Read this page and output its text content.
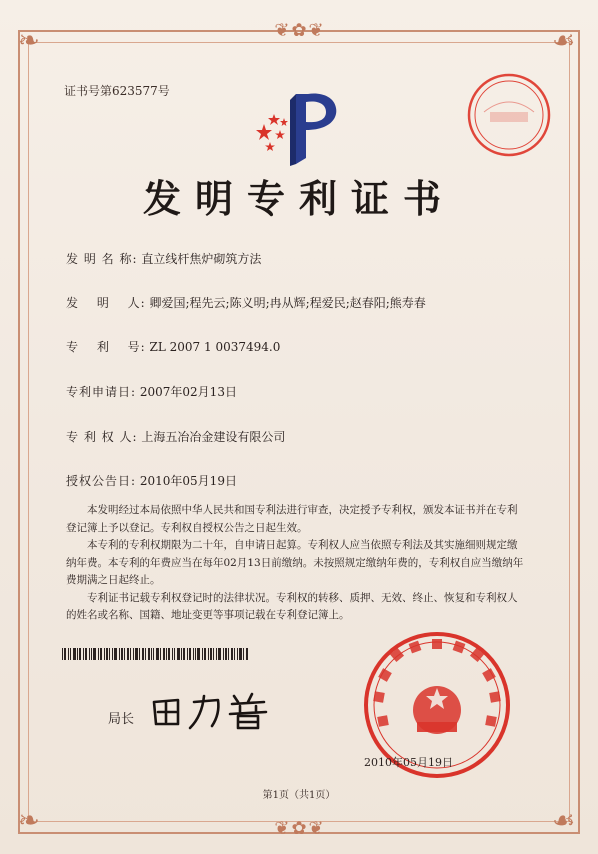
❦✿❦
❦✿❦
❧	☙
❧	☙
证书号第623577号
发明专利证书
发 明 名 称: 直立线杆焦炉砌筑方法
发　 明　 人: 卿爱国;程先云;陈义明;冉从辉;程爱民;赵春阳;熊寿春
专　 利　 号: ZL 2007 1 0037494.0
专利申请日: 2007年02月13日
专 利 权 人: 上海五冶冶金建设有限公司
授权公告日: 2010年05月19日

本发明经过本局依照中华人民共和国专利法进行审查，决定授予专利权，颁发本证书并在专利登记簿上予以登记。专利权自授权公告之日起生效。

本专利的专利权期限为二十年，自申请日起算。专利权人应当依照专利法及其实施细则规定缴纳年费。本专利的年费应当在每年02月13日前缴纳。未按照规定缴纳年费的，专利权自应当缴纳年费期满之日起终止。

专利证书记载专利权登记时的法律状况。专利权的转移、质押、无效、终止、恢复和专利权人的姓名或名称、国籍、地址变更等事项记载在专利登记簿上。

局长
2010年05月19日
第1页（共1页）
